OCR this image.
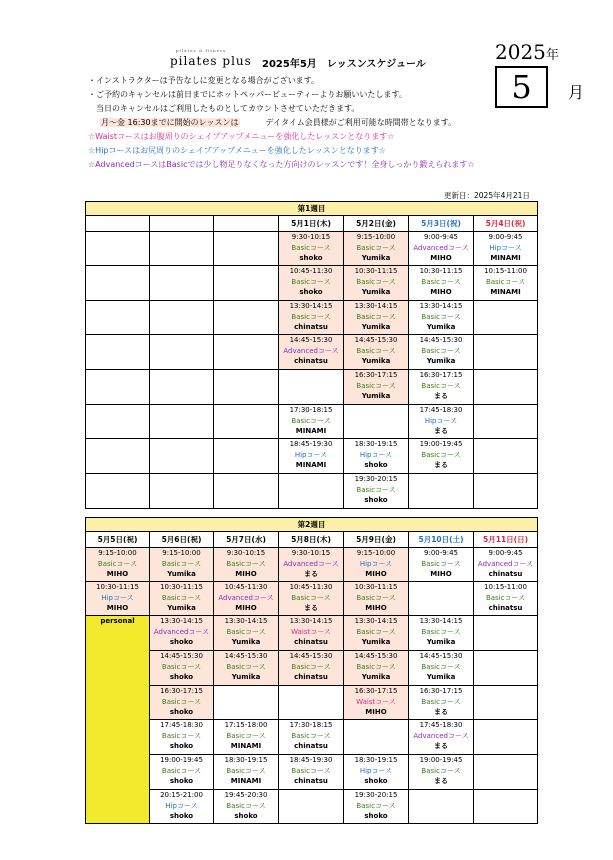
pilates & fitness
pilates plus 2025年5月　レッスンスケジュール
2025 年
5	月
・インストラクターは予告なしに変更となる場合がございます。
・ご予約のキャンセルは前日までにホットペッパービューティーよりお願いいたします。
　当日のキャンセルはご利用したものとしてカウントさせていただきます。
月～金 16:30までに開始のレッスンは	デイタイム会員様がご利用可能な時間帯となります。
☆Waistコースはお腹周りのシェイプアップメニューを強化したレッスンとなります☆
☆Hipコースはお尻周りのシェイプアップメニューを強化したレッスンとなります☆
☆AdvancedコースはBasicでは少し物足りなくなった方向けのレッスンです！全身しっかり鍛えられます☆
更新日：2025年4月21日
第1週目						
			5月1日(木)	5月2日(金)	5月3日(祝)	5月4日(祝)

			9:30-10:15
Basicコース
shoko	9:15-10:00
Basicコース
Yumika	9:00-9:45
Advancedコース
MIHO	9:00-9:45
Hipコース
MINAMI

			10:45-11:30
Basicコース
shoko	10:30-11:15
Basicコース
Yumika	10:30-11:15
Basicコース
MIHO	10:15-11:00
Basicコース
MINAMI

			13:30-14:15
Basicコース
chinatsu	13:30-14:15
Basicコース
Yumika	13:30-14:15
Basicコース
Yumika	

			14:45-15:30
Advancedコース
chinatsu	14:45-15:30
Basicコース
Yumika	14:45-15:30
Basicコース
Yumika	

				16:30-17:15
Basicコース
Yumika	16:30-17:15
Basicコース
まる	

			17:30-18:15
Basicコース
MINAMI		17:45-18:30
Hipコース
まる	

			18:45-19:30
Hipコース
MINAMI	18:30-19:15
Hipコース
shoko	19:00-19:45
Basicコース
まる	

				19:30-20:15
Basicコース
shoko		

第2週目						
5月5日(祝)	5月6日(祝)	5月7日(水)	5月8日(木)	5月9日(金)	5月10日(土)	5月11日(日)

9:15-10:00
Basicコース
MIHO	9:15-10:00
Basicコース
Yumika	9:30-10:15
Basicコース
MIHO	9:30-10:15
Advancedコース
まる	9:15-10:00
Hipコース
MIHO	9:00-9:45
Basicコース
MIHO	9:00-9:45
Advancedコース
chinatsu

10:30-11:15
Hipコース
MIHO	10:30-11:15
Basicコース
Yumika	10:45-11:30
Advancedコース
MIHO	10:45-11:30
Basicコース
まる	10:30-11:15
Basicコース
MIHO		10:15-11:00
Basicコース
chinatsu

personal	13:30-14:15
Advancedコース
shoko	13:30-14:15
Basicコース
Yumika	13:30-14:15
Waistコース
chinatsu	13:30-14:15
Basicコース
Yumika	13:30-14:15
Basicコース
Yumika	

	14:45-15:30
Basicコース
shoko	14:45-15:30
Basicコース
Yumika	14:45-15:30
Basicコース
chinatsu	14:45-15:30
Basicコース
Yumika	14:45-15:30
Basicコース
Yumika	

	16:30-17:15
Basicコース
shoko			16:30-17:15
Waistコース
MIHO	16:30-17:15
Basicコース
まる	

	17:45-18:30
Basicコース
shoko	17:15-18:00
Basicコース
MINAMI	17:30-18:15
Basicコース
chinatsu		17:45-18:30
Advancedコース
まる	

	19:00-19:45
Basicコース
shoko	18:30-19:15
Basicコース
MINAMI	18:45-19:30
Basicコース
chinatsu	18:30-19:15
Hipコース
shoko	19:00-19:45
Basicコース
まる	

	20:15-21:00
Hipコース
shoko	19:45-20:30
Basicコース
shoko		19:30-20:15
Basicコース
shoko		
